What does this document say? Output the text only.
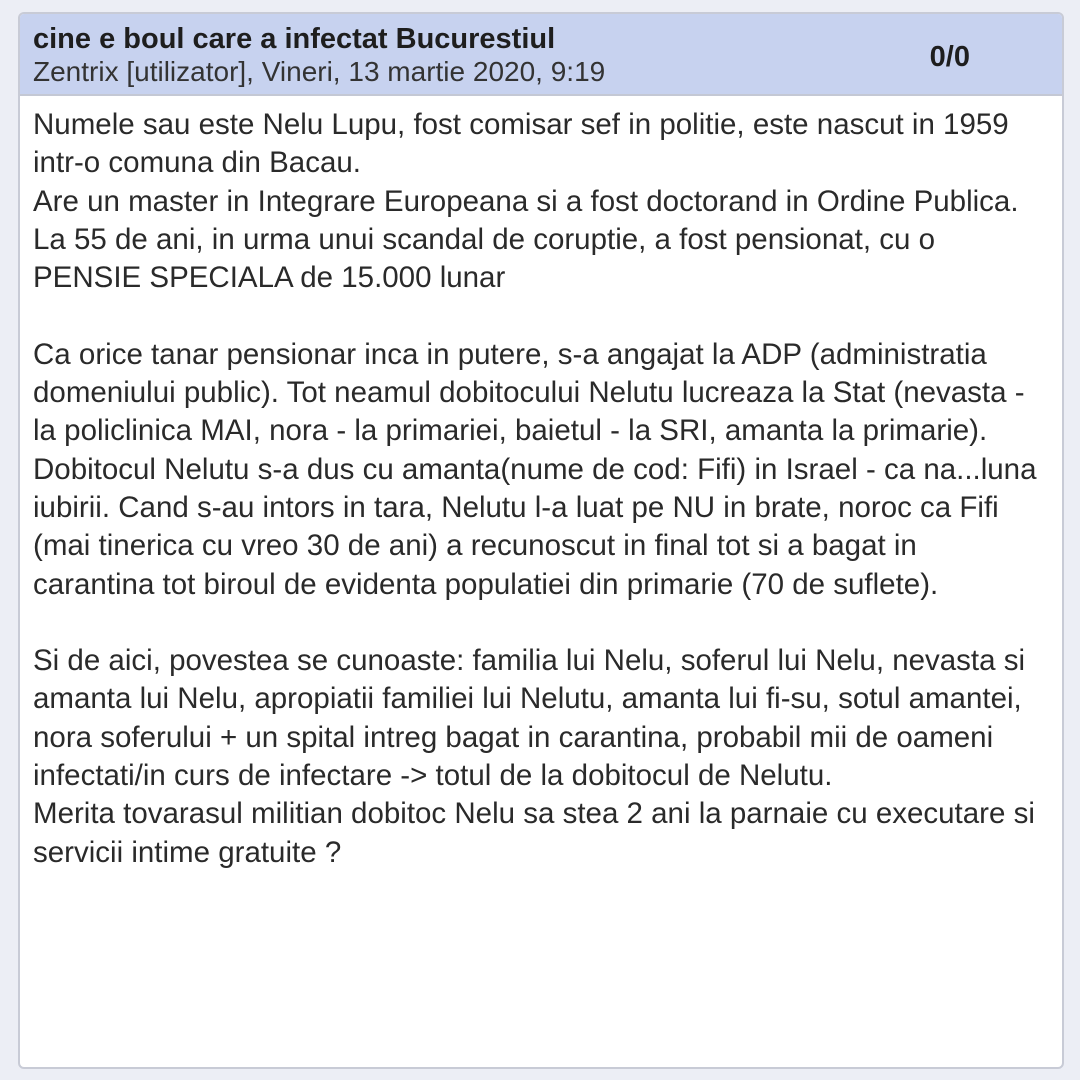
cine e boul care a infectat Bucurestiul
Zentrix [utilizator], Vineri, 13 martie 2020, 9:19	0/0

Numele sau este Nelu Lupu, fost comisar sef in politie, este nascut in 1959 intr-o comuna din Bacau.

Are un master in Integrare Europeana si a fost doctorand in Ordine Publica.

La 55 de ani, in urma unui scandal de coruptie, a fost pensionat, cu o PENSIE SPECIALA de 15.000 lunar

Ca orice tanar pensionar inca in putere, s-a angajat la ADP (administratia domeniului public). Tot neamul dobitocului Nelutu lucreaza la Stat (nevasta - la policlinica MAI, nora - la primariei, baietul - la SRI, amanta la primarie). Dobitocul Nelutu s-a dus cu amanta(nume de cod: Fifi) in Israel - ca na...luna iubirii. Cand s-au intors in tara, Nelutu l-a luat pe NU in brate, noroc ca Fifi (mai tinerica cu vreo 30 de ani) a recunoscut in final tot si a bagat in carantina tot biroul de evidenta populatiei din primarie (70 de suflete).

Si de aici, povestea se cunoaste: familia lui Nelu, soferul lui Nelu, nevasta si amanta lui Nelu, apropiatii familiei lui Nelutu, amanta lui fi-su, sotul amantei, nora soferului + un spital intreg bagat in carantina, probabil mii de oameni infectati/in curs de infectare -> totul de la dobitocul de Nelutu.

Merita tovarasul militian dobitoc Nelu sa stea 2 ani la parnaie cu executare si servicii intime gratuite ?
